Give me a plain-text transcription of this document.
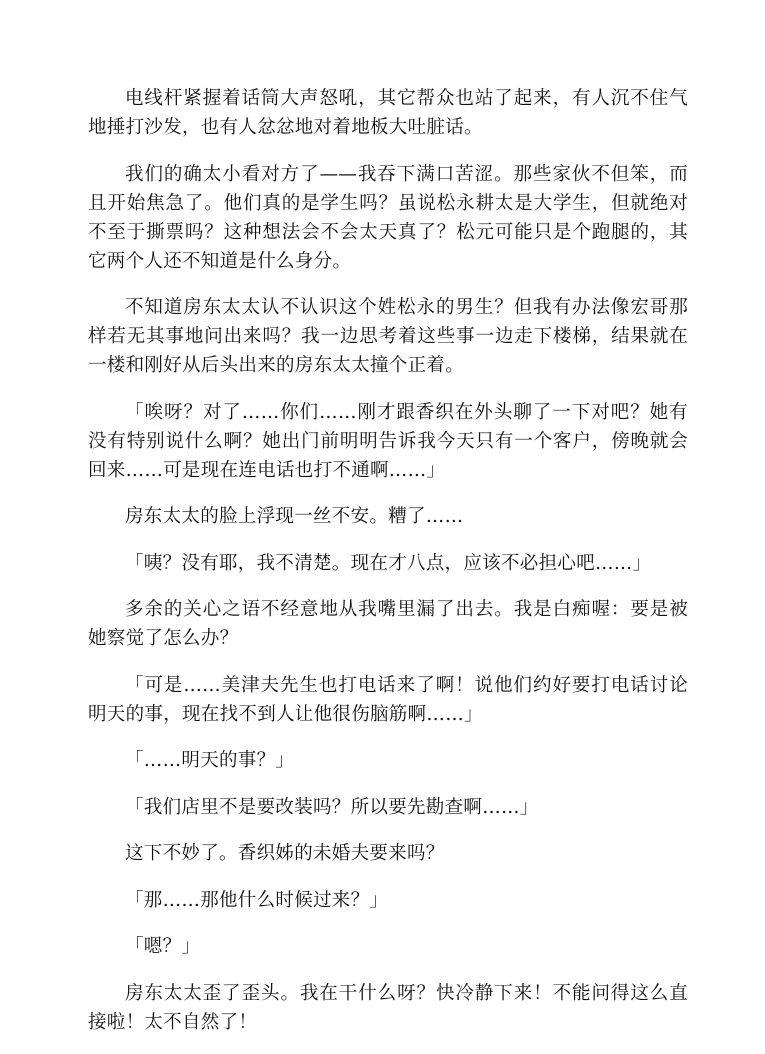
电线杆紧握着话筒大声怒吼，其它帮众也站了起来，有人沉不住气地捶打沙发，也有人忿忿地对着地板大吐脏话。

我们的确太小看对方了——我吞下满口苦涩。那些家伙不但笨，而且开始焦急了。他们真的是学生吗？虽说松永耕太是大学生，但就绝对不至于撕票吗？这种想法会不会太天真了？松元可能只是个跑腿的，其它两个人还不知道是什么身分。

不知道房东太太认不认识这个姓松永的男生？但我有办法像宏哥那样若无其事地问出来吗？我一边思考着这些事一边走下楼梯，结果就在一楼和刚好从后头出来的房东太太撞个正着。

「唉呀？对了……你们……刚才跟香织在外头聊了一下对吧？她有没有特别说什么啊？她出门前明明告诉我今天只有一个客户，傍晚就会回来……可是现在连电话也打不通啊……」

房东太太的脸上浮现一丝不安。糟了……

「咦？没有耶，我不清楚。现在才八点，应该不必担心吧……」

多余的关心之语不经意地从我嘴里漏了出去。我是白痴喔：要是被她察觉了怎么办？

「可是……美津夫先生也打电话来了啊！说他们约好要打电话讨论明天的事，现在找不到人让他很伤脑筋啊……」

「……明天的事？」

「我们店里不是要改装吗？所以要先勘查啊……」

这下不妙了。香织姊的未婚夫要来吗？

「那……那他什么时候过来？」

「嗯？」

房东太太歪了歪头。我在干什么呀？快冷静下来！不能问得这么直接啦！太不自然了！
